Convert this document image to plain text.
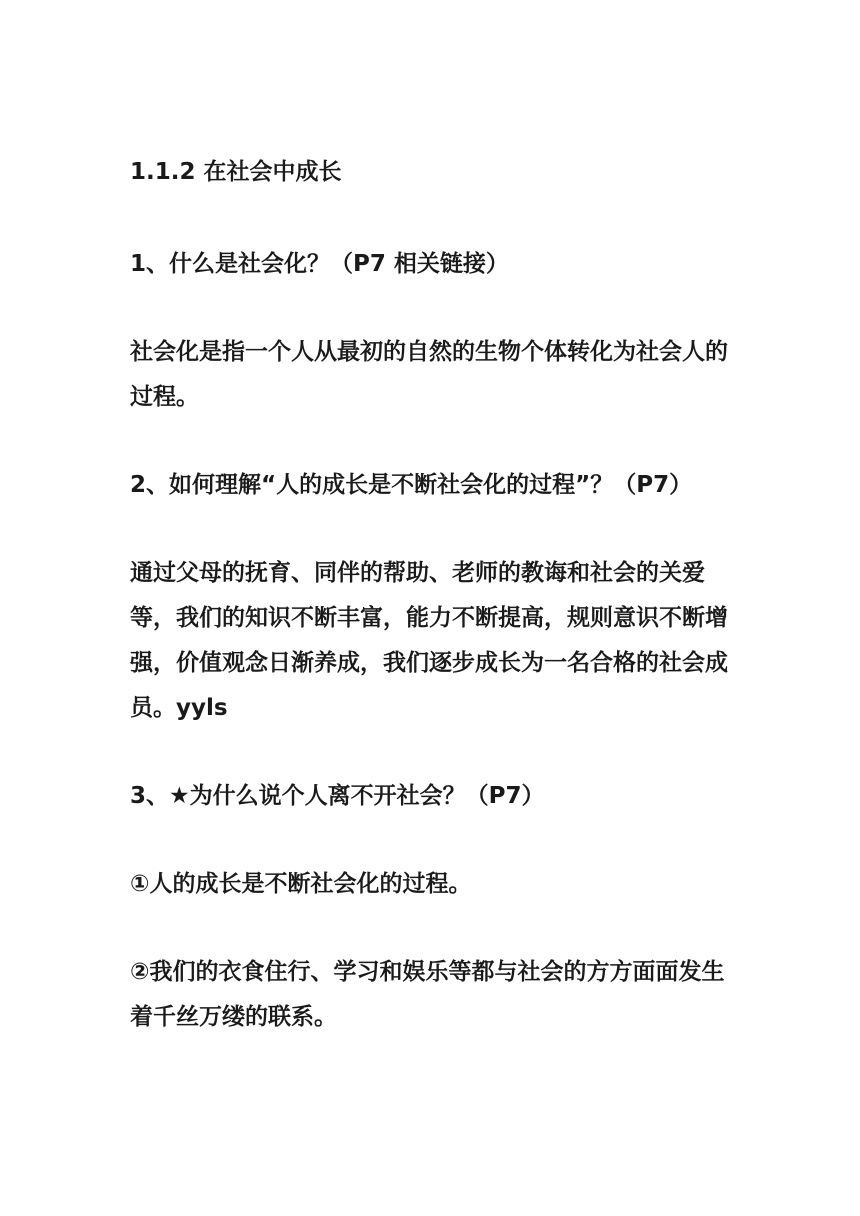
1.1.2 在社会中成长

1、什么是社会化？（P7 相关链接）

社会化是指一个人从最初的自然的生物个体转化为社会人的过程。

2、如何理解“人的成长是不断社会化的过程”？（P7）

通过父母的抚育、同伴的帮助、老师的教诲和社会的关爱等，我们的知识不断丰富，能力不断提高，规则意识不断增强，价值观念日渐养成，我们逐步成长为一名合格的社会成员。yyls

3、★为什么说个人离不开社会？（P7）

①人的成长是不断社会化的过程。

②我们的衣食住行、学习和娱乐等都与社会的方方面面发生着千丝万缕的联系。
